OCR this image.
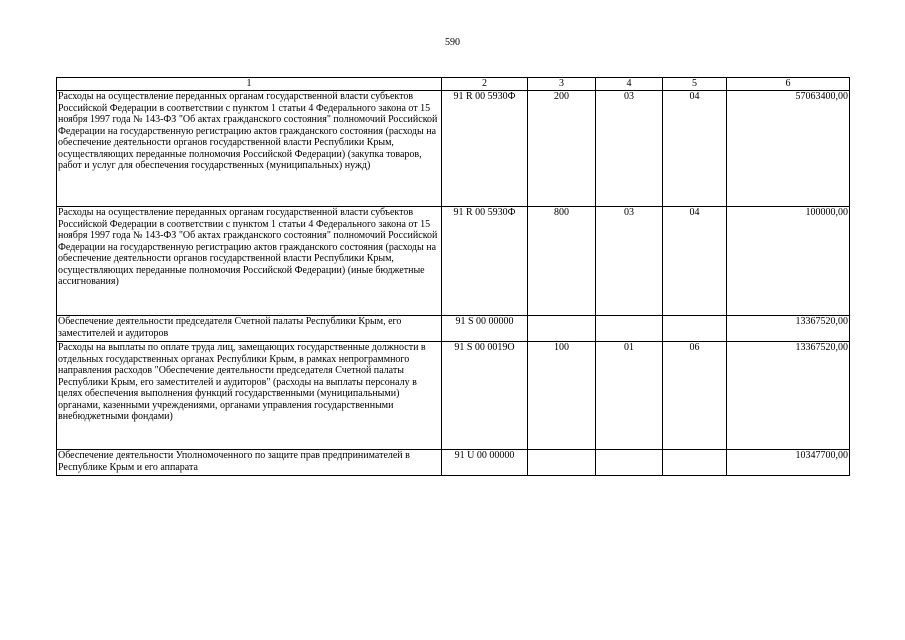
590
1	2	3	4	5	6
Расходы на осуществление переданных органам государственной власти субъектов Российской Федерации в соответствии с пунктом 1 статьи 4 Федерального закона от 15 ноября 1997 года № 143-ФЗ "Об актах гражданского состояния" полномочий Российской Федерации на государственную регистрацию актов гражданского состояния (расходы на обеспечение деятельности органов государственной власти Республики Крым, осуществляющих переданные полномочия Российской Федерации) (закупка товаров, работ и услуг для обеспечения государственных (муниципальных) нужд)	91 R 00 5930Ф	200	03	04	57063400,00
Расходы на осуществление переданных органам государственной власти субъектов Российской Федерации в соответствии с пунктом 1 статьи 4 Федерального закона от 15 ноября 1997 года № 143-ФЗ "Об актах гражданского состояния" полномочий Российской Федерации на государственную регистрацию актов гражданского состояния (расходы на обеспечение деятельности органов государственной власти Республики Крым, осуществляющих переданные полномочия Российской Федерации) (иные бюджетные ассигнования)	91 R 00 5930Ф	800	03	04	100000,00
Обеспечение деятельности председателя Счетной палаты Республики Крым, его заместителей и аудиторов	91 S 00 00000				13367520,00
Расходы на выплаты по оплате труда лиц, замещающих государственные должности в отдельных государственных органах Республики Крым, в рамках непрограммного направления расходов "Обеспечение деятельности председателя Счетной палаты Республики Крым, его заместителей и аудиторов" (расходы на выплаты персоналу в целях обеспечения выполнения функций государственными (муниципальными) органами, казенными учреждениями, органами управления государственными внебюджетными фондами)	91 S 00 0019О	100	01	06	13367520,00
Обеспечение деятельности Уполномоченного по защите прав предпринимателей в Республике Крым и его аппарата	91 U 00 00000				10347700,00
